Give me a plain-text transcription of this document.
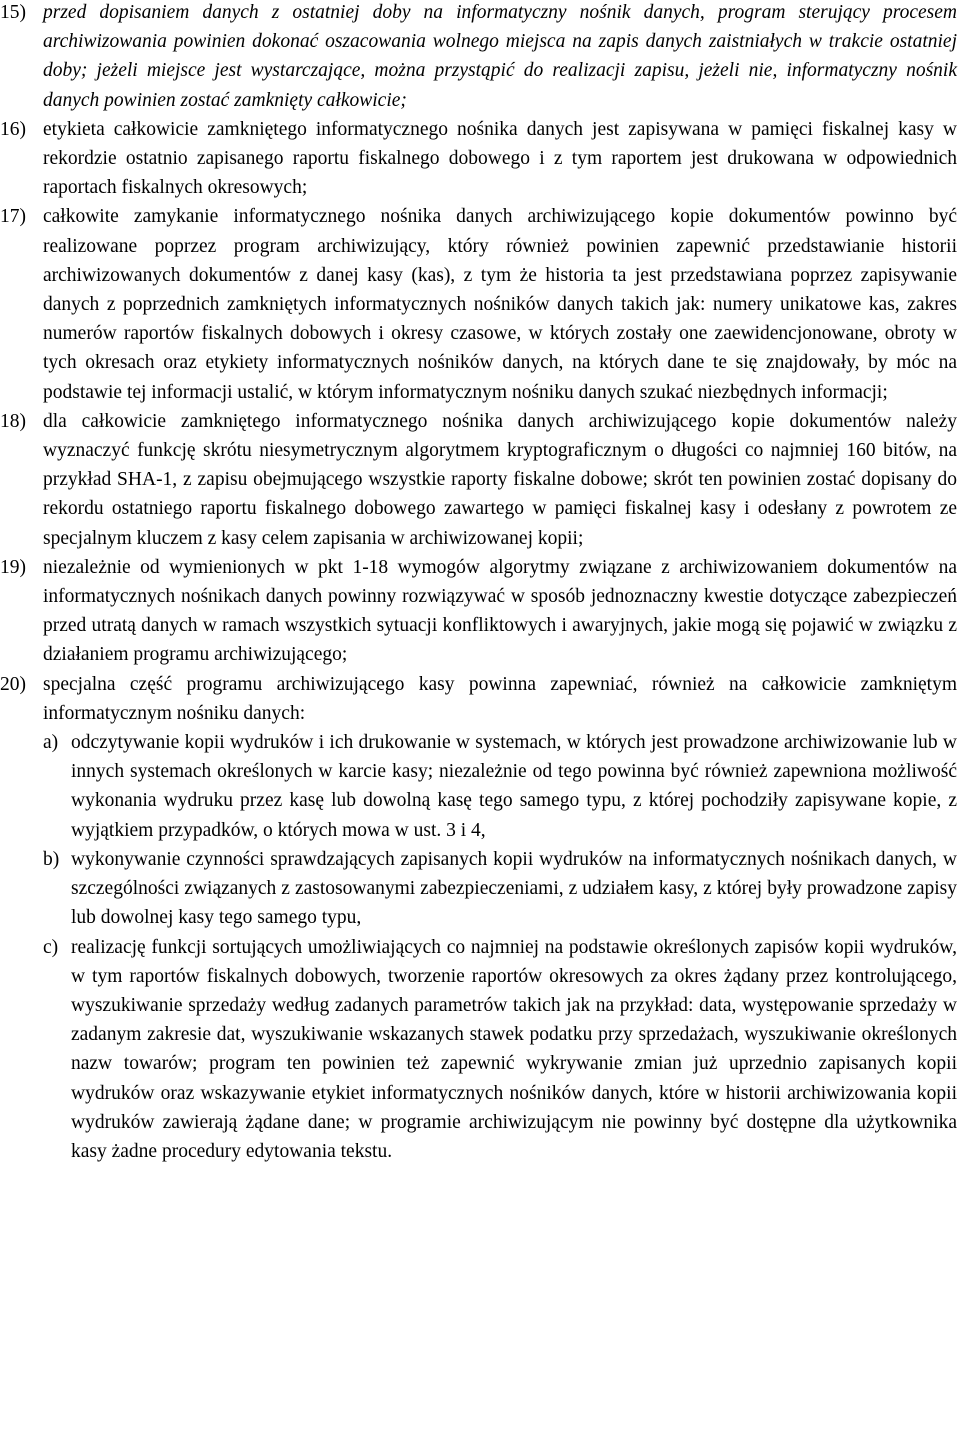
15) przed dopisaniem danych z ostatniej doby na informatyczny nośnik danych, program sterujący procesem archiwizowania powinien dokonać oszacowania wolnego miejsca na zapis danych zaistniałych w trakcie ostatniej doby; jeżeli miejsce jest wystarczające, można przystąpić do realizacji zapisu, jeżeli nie, informatyczny nośnik danych powinien zostać zamknięty całkowicie;

16) etykieta całkowicie zamkniętego informatycznego nośnika danych jest zapisywana w pamięci fiskalnej kasy w rekordzie ostatnio zapisanego raportu fiskalnego dobowego i z tym raportem jest drukowana w odpowiednich raportach fiskalnych okresowych;

17) całkowite zamykanie informatycznego nośnika danych archiwizującego kopie dokumentów powinno być realizowane poprzez program archiwizujący, który również powinien zapewnić przedstawianie historii archiwizowanych dokumentów z danej kasy (kas), z tym że historia ta jest przedstawiana poprzez zapisywanie danych z poprzednich zamkniętych informatycznych nośników danych takich jak: numery unikatowe kas, zakres numerów raportów fiskalnych dobowych i okresy czasowe, w których zostały one zaewidencjonowane, obroty w tych okresach oraz etykiety informatycznych nośników danych, na których dane te się znajdowały, by móc na podstawie tej informacji ustalić, w którym informatycznym nośniku danych szukać niezbędnych informacji;

18) dla całkowicie zamkniętego informatycznego nośnika danych archiwizującego kopie dokumentów należy wyznaczyć funkcję skrótu niesymetrycznym algorytmem kryptograficznym o długości co najmniej 160 bitów, na przykład SHA-1, z zapisu obejmującego wszystkie raporty fiskalne dobowe; skrót ten powinien zostać dopisany do rekordu ostatniego raportu fiskalnego dobowego zawartego w pamięci fiskalnej kasy i odesłany z powrotem ze specjalnym kluczem z kasy celem zapisania w archiwizowanej kopii;

19) niezależnie od wymienionych w pkt 1-18 wymogów algorytmy związane z archiwizowaniem dokumentów na informatycznych nośnikach danych powinny rozwiązywać w sposób jednoznaczny kwestie dotyczące zabezpieczeń przed utratą danych w ramach wszystkich sytuacji konfliktowych i awaryjnych, jakie mogą się pojawić w związku z działaniem programu archiwizującego;

20) specjalna część programu archiwizującego kasy powinna zapewniać, również na całkowicie zamkniętym informatycznym nośniku danych:

a) odczytywanie kopii wydruków i ich drukowanie w systemach, w których jest prowadzone archiwizowanie lub w innych systemach określonych w karcie kasy; niezależnie od tego powinna być również zapewniona możliwość wykonania wydruku przez kasę lub dowolną kasę tego samego typu, z której pochodziły zapisywane kopie, z wyjątkiem przypadków, o których mowa w ust. 3 i 4,

b) wykonywanie czynności sprawdzających zapisanych kopii wydruków na informatycznych nośnikach danych, w szczególności związanych z zastosowanymi zabezpieczeniami, z udziałem kasy, z której były prowadzone zapisy lub dowolnej kasy tego samego typu,

c) realizację funkcji sortujących umożliwiających co najmniej na podstawie określonych zapisów kopii wydruków, w tym raportów fiskalnych dobowych, tworzenie raportów okresowych za okres żądany przez kontrolującego, wyszukiwanie sprzedaży według zadanych parametrów takich jak na przykład: data, występowanie sprzedaży w zadanym zakresie dat, wyszukiwanie wskazanych stawek podatku przy sprzedażach, wyszukiwanie określonych nazw towarów; program ten powinien też zapewnić wykrywanie zmian już uprzednio zapisanych kopii wydruków oraz wskazywanie etykiet informatycznych nośników danych, które w historii archiwizowania kopii wydruków zawierają żądane dane; w programie archiwizującym nie powinny być dostępne dla użytkownika kasy żadne procedury edytowania tekstu.
